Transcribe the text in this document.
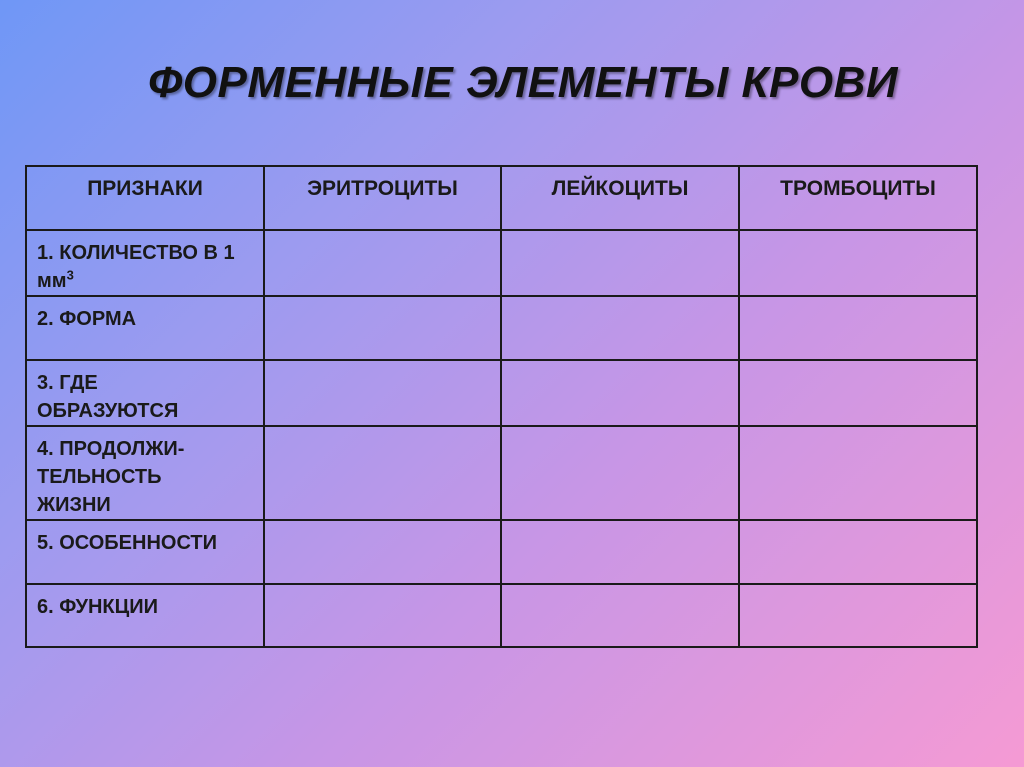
ФОРМЕННЫЕ ЭЛЕМЕНТЫ КРОВИ
ПРИЗНАКИ	ЭРИТРОЦИТЫ	ЛЕЙКОЦИТЫ	ТРОМБОЦИТЫ
1. КОЛИЧЕСТВО В 1 $мм^3$			
2. ФОРМА			
3. ГДЕ ОБРАЗУЮТСЯ			
4. ПРОДОЛЖИ-ТЕЛЬНОСТЬ ЖИЗНИ			
5. ОСОБЕННОСТИ			
6. ФУНКЦИИ			
